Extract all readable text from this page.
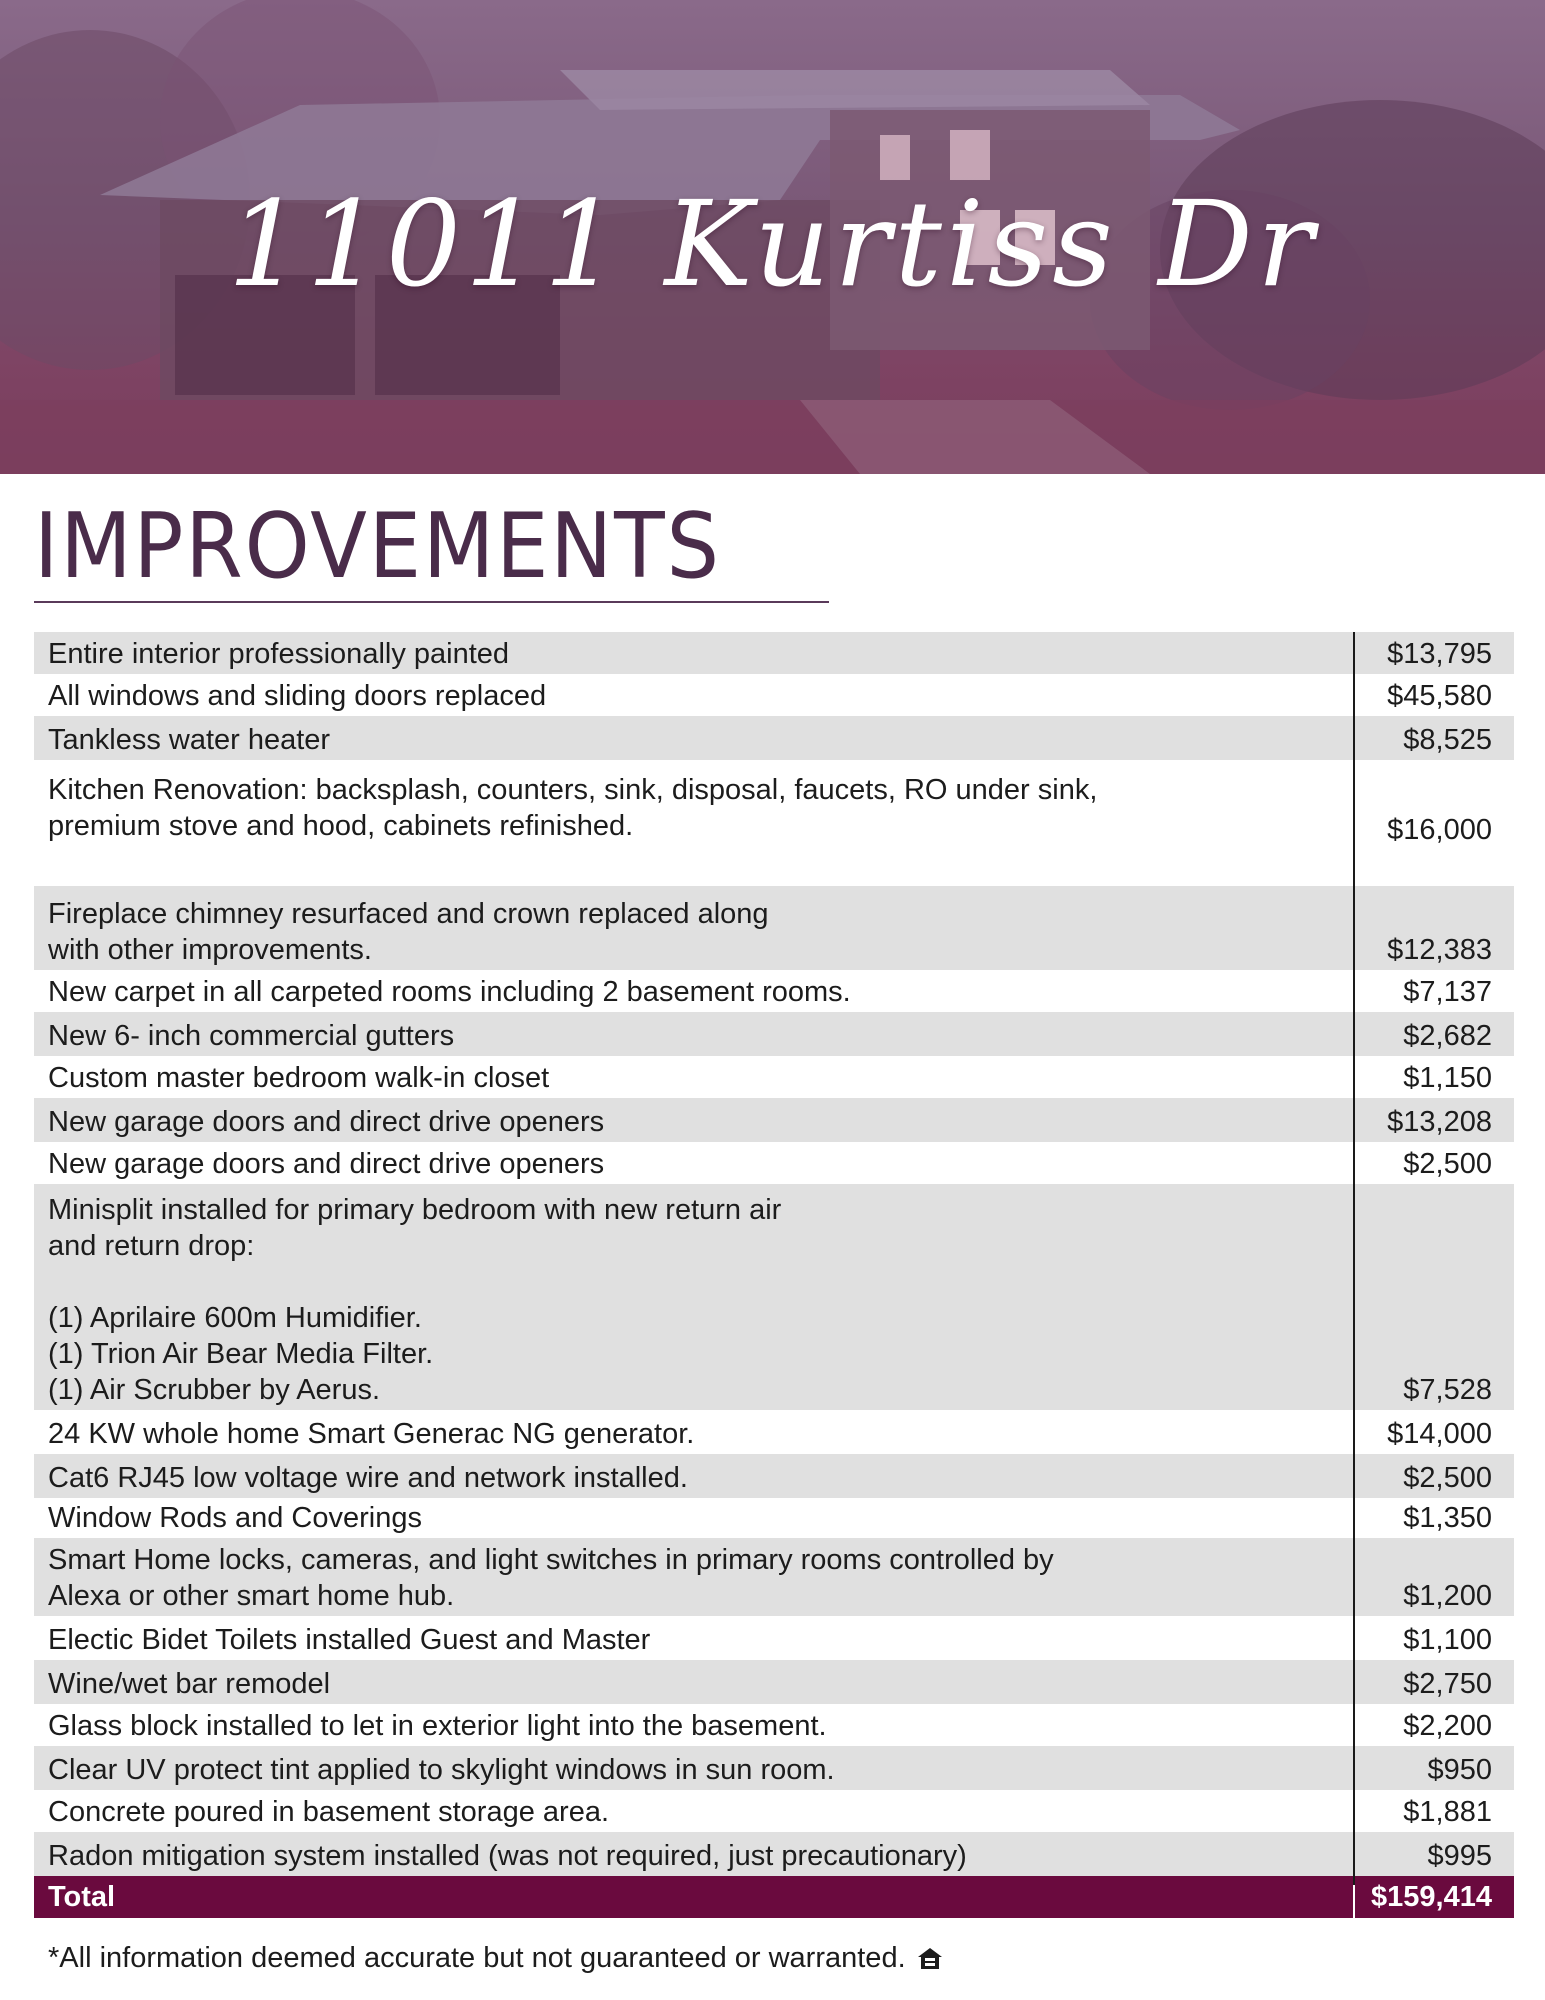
11011 Kurtiss Dr
IMPROVEMENTS
Entire interior professionally painted	$13,795
All windows and sliding doors replaced	$45,580
Tankless water heater	$8,525
Kitchen Renovation: backsplash, counters, sink, disposal, faucets, RO under sink,
premium stove and hood, cabinets refinished.	$16,000
Fireplace chimney resurfaced and crown replaced along
with other improvements.	$12,383
New carpet in all carpeted rooms including 2 basement rooms.	$7,137
New 6- inch commercial gutters	$2,682
Custom master bedroom walk-in closet	$1,150
New garage doors and direct drive openers	$13,208
New garage doors and direct drive openers	$2,500
Minisplit installed for primary bedroom with new return air
and return drop:

(1) Aprilaire 600m Humidifier.
(1) Trion Air Bear Media Filter.
(1) Air Scrubber by Aerus.	$7,528
24 KW whole home Smart Generac NG generator.	$14,000
Cat6 RJ45 low voltage wire and network installed.	$2,500
Window Rods and Coverings	$1,350
Smart Home locks, cameras, and light switches in primary rooms controlled by
Alexa or other smart home hub.	$1,200
Electic Bidet Toilets installed Guest and Master	$1,100
Wine/wet bar remodel	$2,750
Glass block installed to let in exterior light into the basement.	$2,200
Clear UV protect tint applied to skylight windows in sun room.	$950
Concrete poured in basement storage area.	$1,881
Radon mitigation system installed (was not required, just precautionary)	$995
Total	$159,414
*All information deemed accurate but not guaranteed or warranted.
